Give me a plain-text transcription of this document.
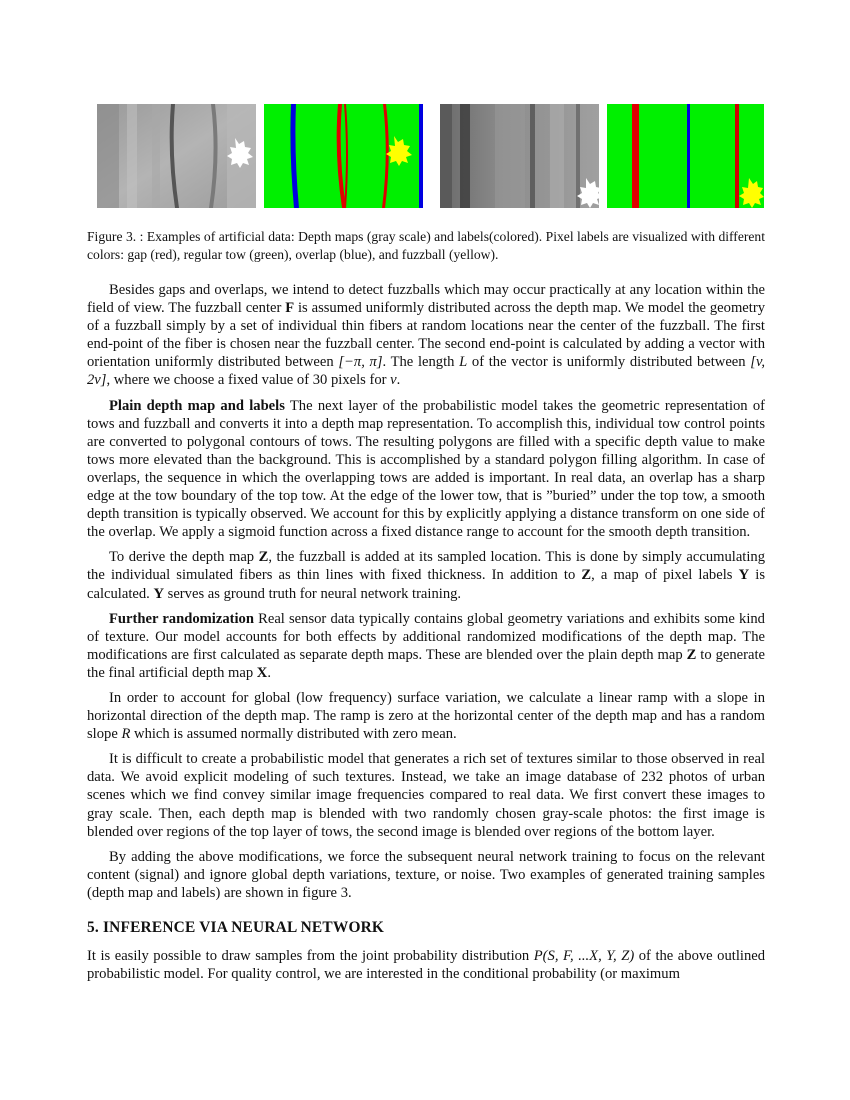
Figure 3. : Examples of artificial data: Depth maps (gray scale) and labels(colored). Pixel labels are visualized with different colors: gap (red), regular tow (green), overlap (blue), and fuzzball (yellow).

Besides gaps and overlaps, we intend to detect fuzzballs which may occur practically at any location within the field of view. The fuzzball center F is assumed uniformly distributed across the depth map. We model the geometry of a fuzzball simply by a set of individual thin fibers at random locations near the center of the fuzzball. The first end-point of the fiber is chosen near the fuzzball center. The second end-point is calculated by adding a vector with orientation uniformly distributed between [−π, π]. The length L of the vector is uniformly distributed between [v, 2v], where we choose a fixed value of 30 pixels for v.

Plain depth map and labels The next layer of the probabilistic model takes the geometric representation of tows and fuzzball and converts it into a depth map representation. To accomplish this, individual tow control points are converted to polygonal contours of tows. The resulting polygons are filled with a specific depth value to make tows more elevated than the background. This is accomplished by a standard polygon filling algorithm. In case of overlaps, the sequence in which the overlapping tows are added is important. In real data, an overlap has a sharp edge at the tow boundary of the top tow. At the edge of the lower tow, that is ”buried” under the top tow, a smooth depth transition is typically observed. We account for this by explicitly applying a distance transform on one side of the overlap. We apply a sigmoid function across a fixed distance range to account for the smooth depth transition.

To derive the depth map Z, the fuzzball is added at its sampled location. This is done by simply accumulating the individual simulated fibers as thin lines with fixed thickness. In addition to Z, a map of pixel labels Y is calculated. Y serves as ground truth for neural network training.

Further randomization Real sensor data typically contains global geometry variations and exhibits some kind of texture. Our model accounts for both effects by additional randomized modifications of the depth map. The modifications are first calculated as separate depth maps. These are blended over the plain depth map Z to generate the final artificial depth map X.

In order to account for global (low frequency) surface variation, we calculate a linear ramp with a slope in horizontal direction of the depth map. The ramp is zero at the horizontal center of the depth map and has a random slope R which is assumed normally distributed with zero mean.

It is difficult to create a probabilistic model that generates a rich set of textures similar to those observed in real data. We avoid explicit modeling of such textures. Instead, we take an image database of 232 photos of urban scenes which we find convey similar image frequencies compared to real data. We first convert these images to gray scale. Then, each depth map is blended with two randomly chosen gray-scale photos: the first image is blended over regions of the top layer of tows, the second image is blended over regions of the bottom layer.

By adding the above modifications, we force the subsequent neural network training to focus on the relevant content (signal) and ignore global depth variations, texture, or noise. Two examples of generated training samples (depth map and labels) are shown in figure 3.

5. INFERENCE VIA NEURAL NETWORK

It is easily possible to draw samples from the joint probability distribution P(S, F, ...X, Y, Z) of the above outlined probabilistic model. For quality control, we are interested in the conditional probability (or maximum
